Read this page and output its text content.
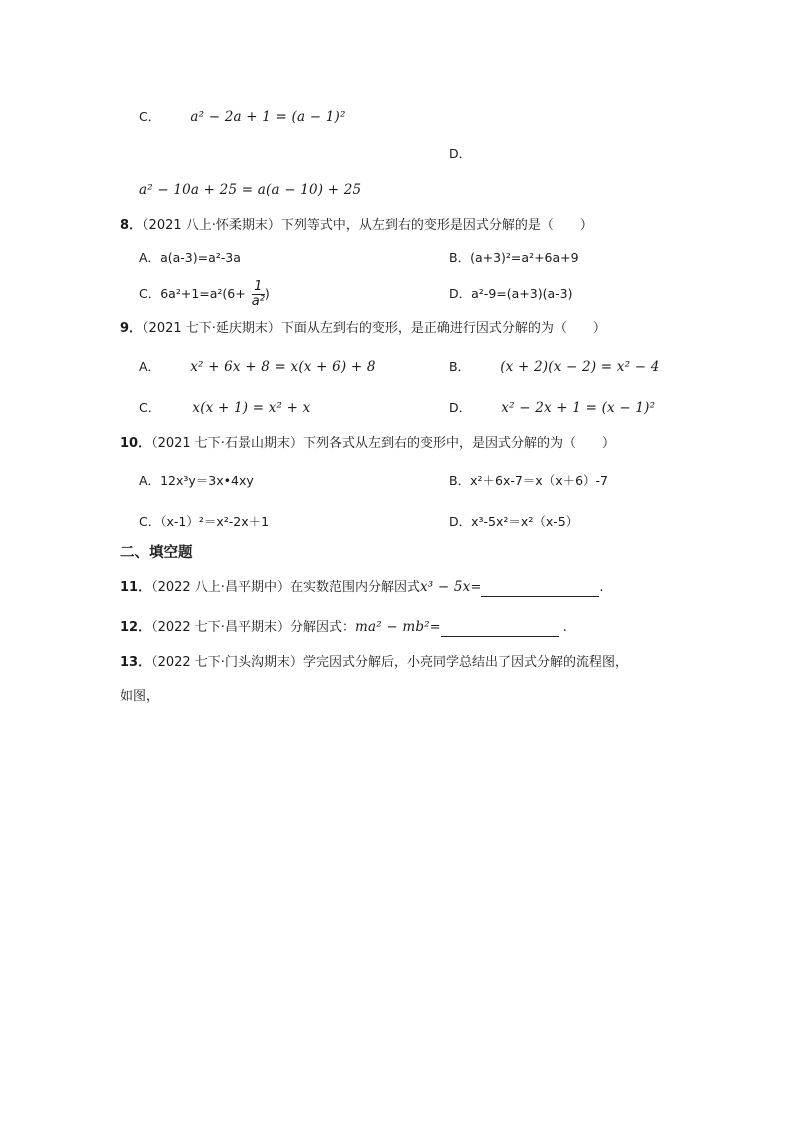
C． a² − 2a + 1 = (a − 1)²
D．
a² − 10a + 25 = a(a − 10) + 25
8．（2021 八上·怀柔期末）下列等式中，从左到右的变形是因式分解的是（　　）
A．a(a-3)=a²-3a	B．(a+3)²=a²+6a+9
C．$6a^2+1=a^2(6+ \frac{1}{\text{a²}}$ )	D．a²-9=(a+3)(a-3)
9．（2021 七下·延庆期末）下面从左到右的变形，是正确进行因式分解的为（　　）
A． x² + 6x + 8 = x(x + 6) + 8	B． (x + 2)(x − 2) = x² − 4
C． x(x + 1) = x² + x	D． x² − 2x + 1 = (x − 1)²
10．（2021 七下·石景山期末）下列各式从左到右的变形中，是因式分解的为（　　）
A．12x³y＝3x•4xy	B．x²＋6x-7＝x（x＋6）-7
C．（x-1）²＝x²-2x＋1	D．x³-5x²＝x²（x-5）
二、填空题
11．（2022 八上·昌平期中）在实数范围内分解因式x³ − 5x=	.
12．（2022 七下·昌平期末）分解因式：ma² − mb²=	.
13．（2022 七下·门头沟期末）学完因式分解后，小亮同学总结出了因式分解的流程图，
如图，
